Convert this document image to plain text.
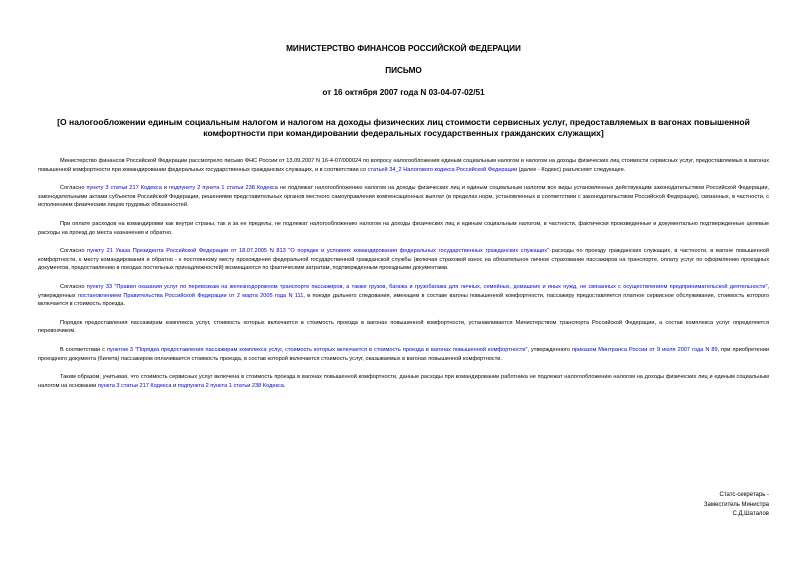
МИНИСТЕРСТВО ФИНАНСОВ РОССИЙСКОЙ ФЕДЕРАЦИИ
ПИСЬМО
от 16 октября 2007 года N 03-04-07-02/51
[О налогообложении единым социальным налогом и налогом на доходы физических лиц стоимости сервисных услуг, предоставляемых в вагонах повышенной комфортности при командировании федеральных государственных гражданских служащих]

Министерство финансов Российской Федерации рассмотрело письмо ФНС России от 13.09.2007 N 16-4-07/000024 по вопросу налогообложения единым социальным налогом и налогом на доходы физических лиц стоимости сервисных услуг, предоставляемых в вагонах повышенной комфортности при командировании федеральных государственных гражданских служащих, и в соответствии со статьей 34_2 Налогового кодекса Российской Федерации (далее - Кодекс) разъясняет следующее.

Согласно пункту 3 статьи 217 Кодекса и подпункту 2 пункта 1 статьи 238 Кодекса не подлежат налогообложению налогом на доходы физических лиц и единым социальным налогом все виды установленных действующим законодательством Российской Федерации, законодательными актами субъектов Российской Федерации, решениями представительных органов местного самоуправления компенсационных выплат (в пределах норм, установленных в соответствии с законодательством Российской Федерации), связанных, в частности, с исполнением физическим лицом трудовых обязанностей.

При оплате расходов на командировки как внутри страны, так и за ее пределы, не подлежат налогообложению налогом на доходы физических лиц и единым социальным налогом, в частности, фактически произведенные и документально подтвержденные целевые расходы на проезд до места назначения и обратно.

Согласно пункту 21 Указа Президента Российской Федерации от 18.07.2005 N 813 "О порядке и условиях командирования федеральных государственных гражданских служащих" расходы по проезду гражданских служащих, в частности, в вагоне повышенной комфортности, к месту командирования и обратно - к постоянному месту прохождения федеральной государственной гражданской службы (включая страховой взнос на обязательное личное страхование пассажиров на транспорте, оплату услуг по оформлению проездных документов, предоставлению в поездах постельных принадлежностей) возмещаются по фактическим затратам, подтвержденным проездными документами.

Согласно пункту 33 "Правил оказания услуг по перевозкам на железнодорожном транспорте пассажиров, а также грузов, багажа и грузобагажа для личных, семейных, домашних и иных нужд, не связанных с осуществлением предпринимательской деятельности", утвержденных постановлением Правительства Российской Федерации от 2 марта 2005 года N 111, в поезде дальнего следования, имеющем в составе вагоны повышенной комфортности, пассажиру предоставляется платное сервисное обслуживание, стоимость которого включается в стоимость проезда.

Порядок предоставления пассажирам комплекса услуг, стоимость которых включается в стоимость проезда в вагонах повышенной комфортности, устанавливается Министерством транспорта Российской Федерации, а состав комплекса услуг определяется перевозчиком.

В соответствии с пунктом 3 "Порядка предоставления пассажирам комплекса услуг, стоимость которых включается в стоимость проезда в вагонах повышенной комфортности", утвержденного приказом Минтранса России от 9 июля 2007 года N 89, при приобретении проездного документа (билета) пассажиром оплачивается стоимость проезда, в состав которой включается стоимость услуг, оказываемых в вагонах повышенной комфортности.

Таким образом, учитывая, что стоимость сервисных услуг включена в стоимость проезда в вагонах повышенной комфортности, данные расходы при командировании работника не подлежат налогообложению налогом на доходы физических лиц и единым социальным налогом на основании пункта 3 статьи 217 Кодекса и подпункта 2 пункта 1 статьи 238 Кодекса.

Статс-секретарь -
Заместитель Министра
С.Д.Шаталов
